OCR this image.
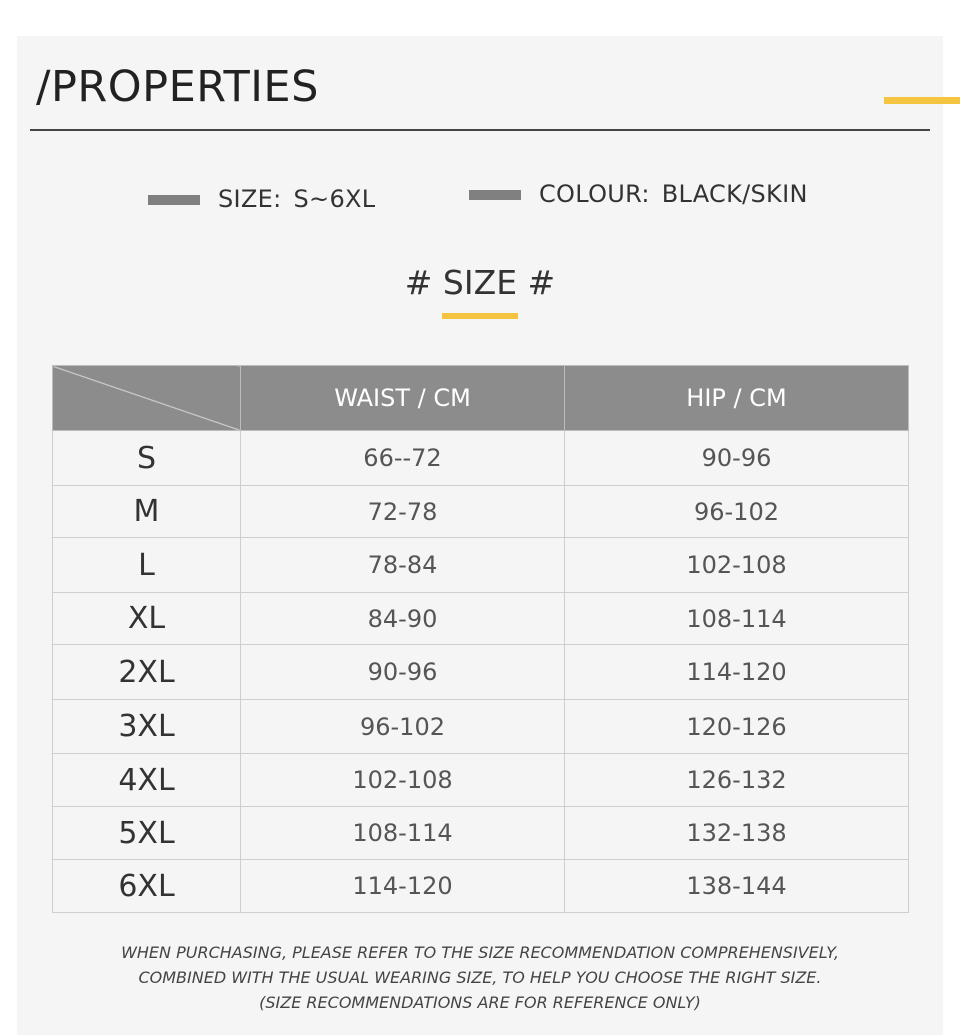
/PROPERTIES
SIZE: S~6XL	COLOUR: BLACK/SKIN
# SIZE #
	WAIST / CM	HIP / CM
S	66--72	90-96
M	72-78	96-102
L	78-84	102-108
XL	84-90	108-114
2XL	90-96	114-120
3XL	96-102	120-126
4XL	102-108	126-132
5XL	108-114	132-138
6XL	114-120	138-144
WHEN PURCHASING, PLEASE REFER TO THE SIZE RECOMMENDATION COMPREHENSIVELY,
COMBINED WITH THE USUAL WEARING SIZE, TO HELP YOU CHOOSE THE RIGHT SIZE.
(SIZE RECOMMENDATIONS ARE FOR REFERENCE ONLY)
